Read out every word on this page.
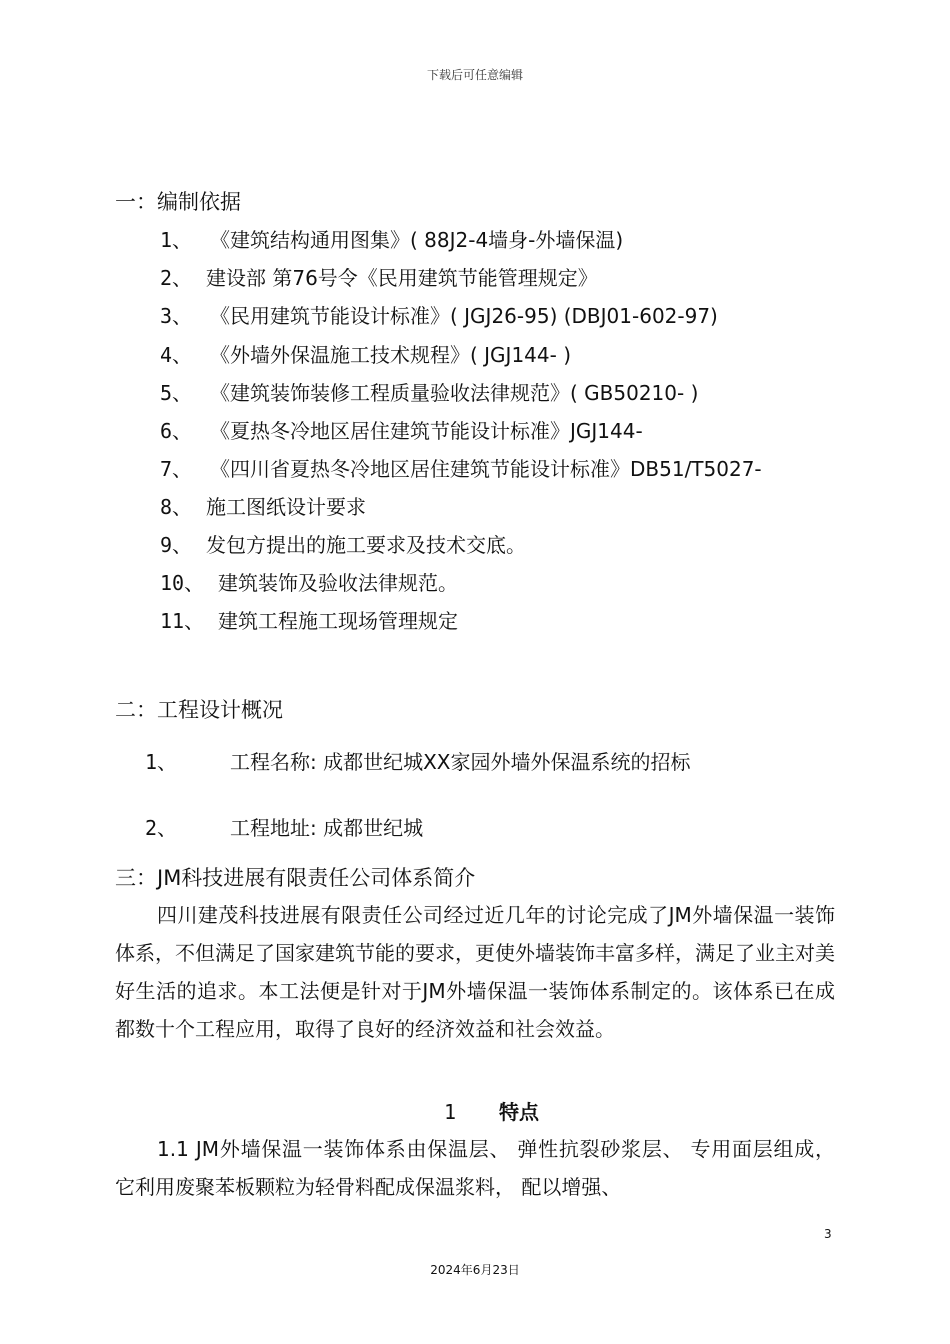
下载后可任意编辑
一：编制依据
1、 《建筑结构通用图集》( 88J2-4墙身-外墙保温)
2、 建设部 第76号令《民用建筑节能管理规定》
3、 《民用建筑节能设计标准》( JGJ26-95) (DBJ01-602-97)
4、 《外墙外保温施工技术规程》( JGJ144- )
5、 《建筑装饰装修工程质量验收法律规范》( GB50210- )
6、 《夏热冬冷地区居住建筑节能设计标准》JGJ144-
7、 《四川省夏热冬冷地区居住建筑节能设计标准》DB51/T5027-
8、 施工图纸设计要求
9、 发包方提出的施工要求及技术交底。
10、 建筑装饰及验收法律规范。
11、 建筑工程施工现场管理规定
二：工程设计概况
1、	工程名称: 成都世纪城XX家园外墙外保温系统的招标
2、	工程地址: 成都世纪城
三：JM科技进展有限责任公司体系简介

四川建茂科技进展有限责任公司经过近几年的讨论完成了JM外墙保温一装饰体系，不但满足了国家建筑节能的要求，更使外墙装饰丰富多样，满足了业主对美好生活的追求。本工法便是针对于JM外墙保温一装饰体系制定的。该体系已在成都数十个工程应用，取得了良好的经济效益和社会效益。

1 特点

1.1 JM外墙保温一装饰体系由保温层、 弹性抗裂砂浆层、 专用面层组成， 它利用废聚苯板颗粒为轻骨料配成保温浆料， 配以增强、

3
2024年6月23日
